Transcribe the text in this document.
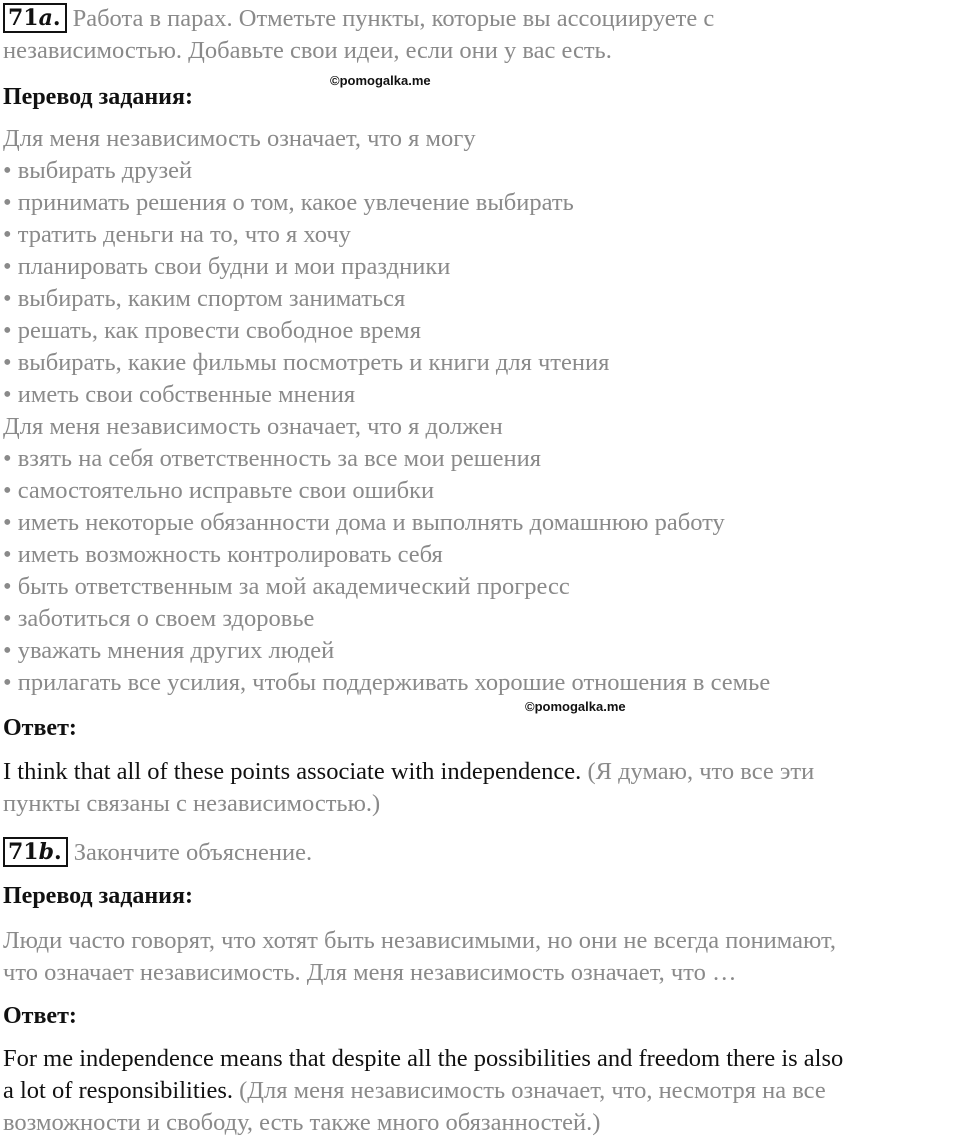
71a. Работа в парах. Отметьте пункты, которые вы ассоциируете с
независимостью. Добавьте свои идеи, если они у вас есть.
©pomogalka.me
Перевод задания:
Для меня независимость означает, что я могу
• выбирать друзей
• принимать решения о том, какое увлечение выбирать
• тратить деньги на то, что я хочу
• планировать свои будни и мои праздники
• выбирать, каким спортом заниматься
• решать, как провести свободное время
• выбирать, какие фильмы посмотреть и книги для чтения
• иметь свои собственные мнения
Для меня независимость означает, что я должен
• взять на себя ответственность за все мои решения
• самостоятельно исправьте свои ошибки
• иметь некоторые обязанности дома и выполнять домашнюю работу
• иметь возможность контролировать себя
• быть ответственным за мой академический прогресс
• заботиться о своем здоровье
• уважать мнения других людей
• прилагать все усилия, чтобы поддерживать хорошие отношения в семье
©pomogalka.me
Ответ:
I think that all of these points associate with independence. (Я думаю, что все эти
пункты связаны с независимостью.)
71b. Закончите объяснение.
Перевод задания:
Люди часто говорят, что хотят быть независимыми, но они не всегда понимают,
что означает независимость. Для меня независимость означает, что …
Ответ:
For me independence means that despite all the possibilities and freedom there is also
a lot of responsibilities. (Для меня независимость означает, что, несмотря на все
возможности и свободу, есть также много обязанностей.)
